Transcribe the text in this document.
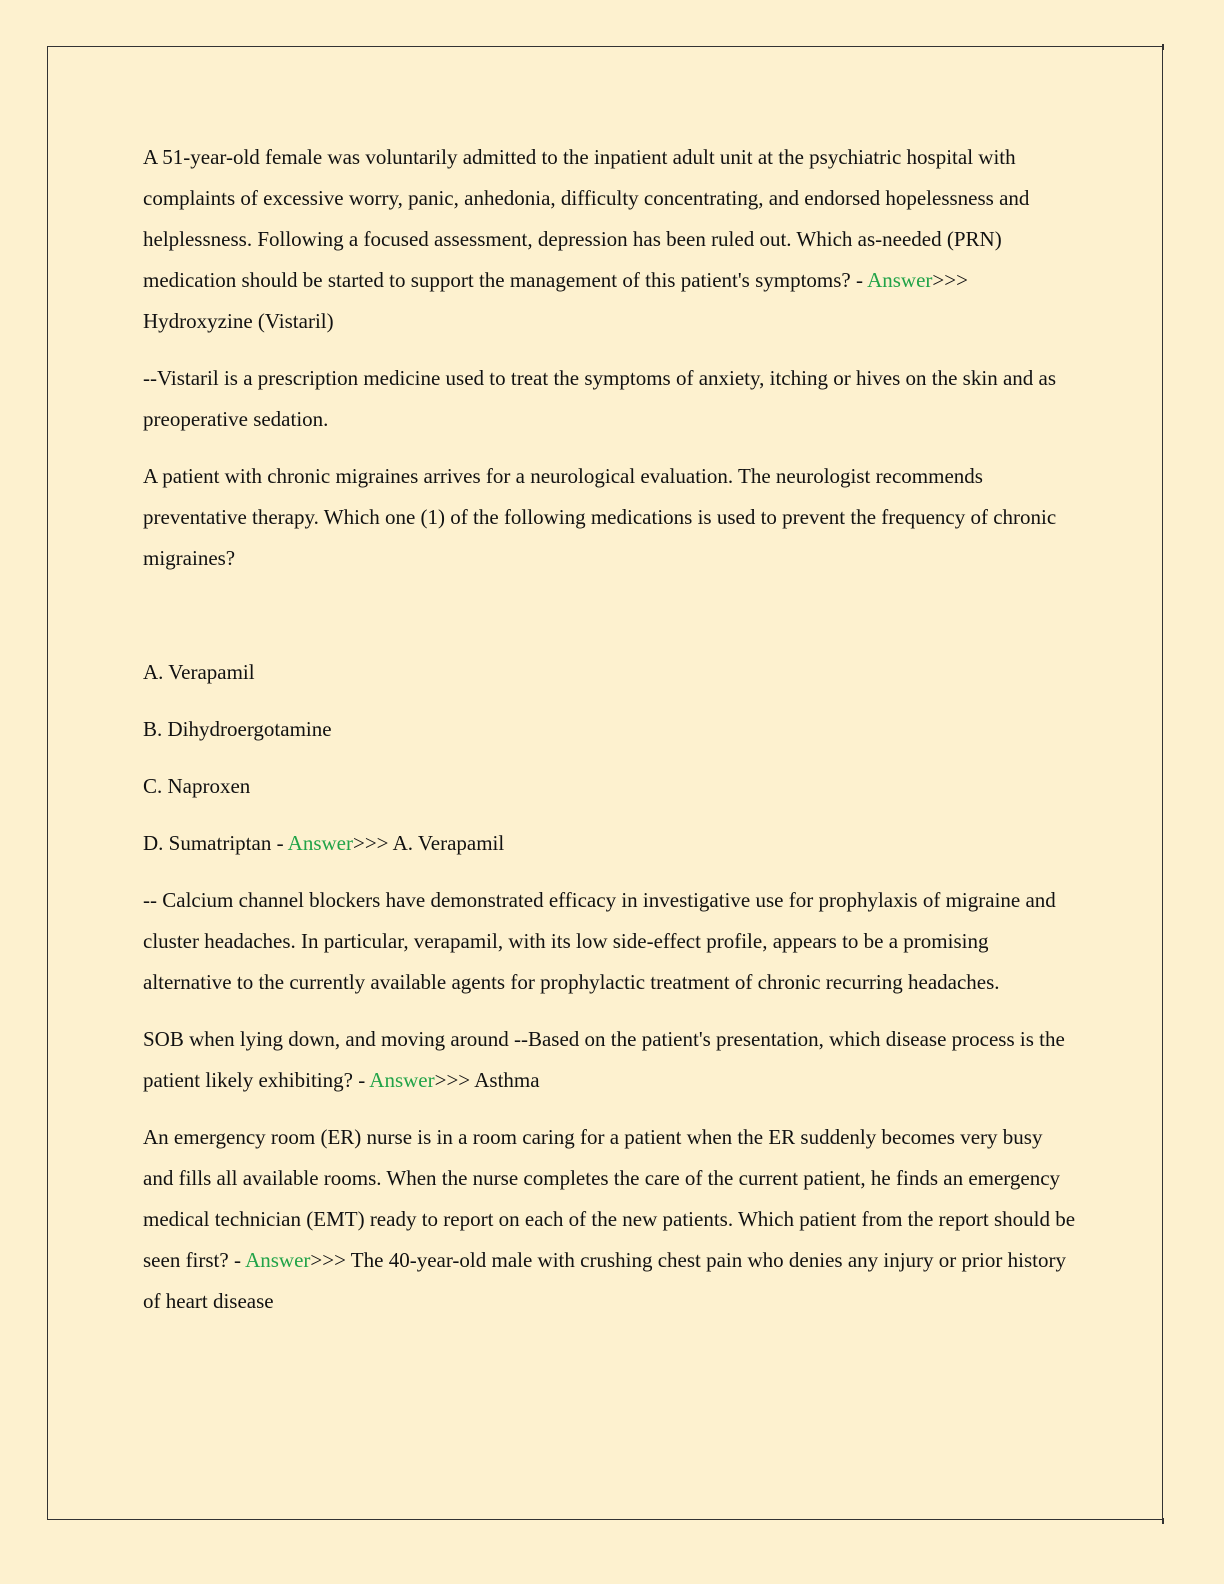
A 51-year-old female was voluntarily admitted to the inpatient adult unit at the psychiatric hospital with complaints of excessive worry, panic, anhedonia, difficulty concentrating, and endorsed hopelessness and helplessness. Following a focused assessment, depression has been ruled out. Which as-needed (PRN) medication should be started to support the management of this patient's symptoms? - Answer>>> Hydroxyzine (Vistaril)

--Vistaril is a prescription medicine used to treat the symptoms of anxiety, itching or hives on the skin and as preoperative sedation.

A patient with chronic migraines arrives for a neurological evaluation. The neurologist recommends preventative therapy. Which one (1) of the following medications is used to prevent the frequency of chronic migraines?

A. Verapamil

B. Dihydroergotamine

C. Naproxen

D. Sumatriptan - Answer>>> A. Verapamil

-- Calcium channel blockers have demonstrated efficacy in investigative use for prophylaxis of migraine and cluster headaches. In particular, verapamil, with its low side-effect profile, appears to be a promising alternative to the currently available agents for prophylactic treatment of chronic recurring headaches.

SOB when lying down, and moving around --Based on the patient's presentation, which disease process is the patient likely exhibiting? - Answer>>> Asthma

An emergency room (ER) nurse is in a room caring for a patient when the ER suddenly becomes very busy and fills all available rooms. When the nurse completes the care of the current patient, he finds an emergency medical technician (EMT) ready to report on each of the new patients. Which patient from the report should be seen first? - Answer>>> The 40-year-old male with crushing chest pain who denies any injury or prior history of heart disease
